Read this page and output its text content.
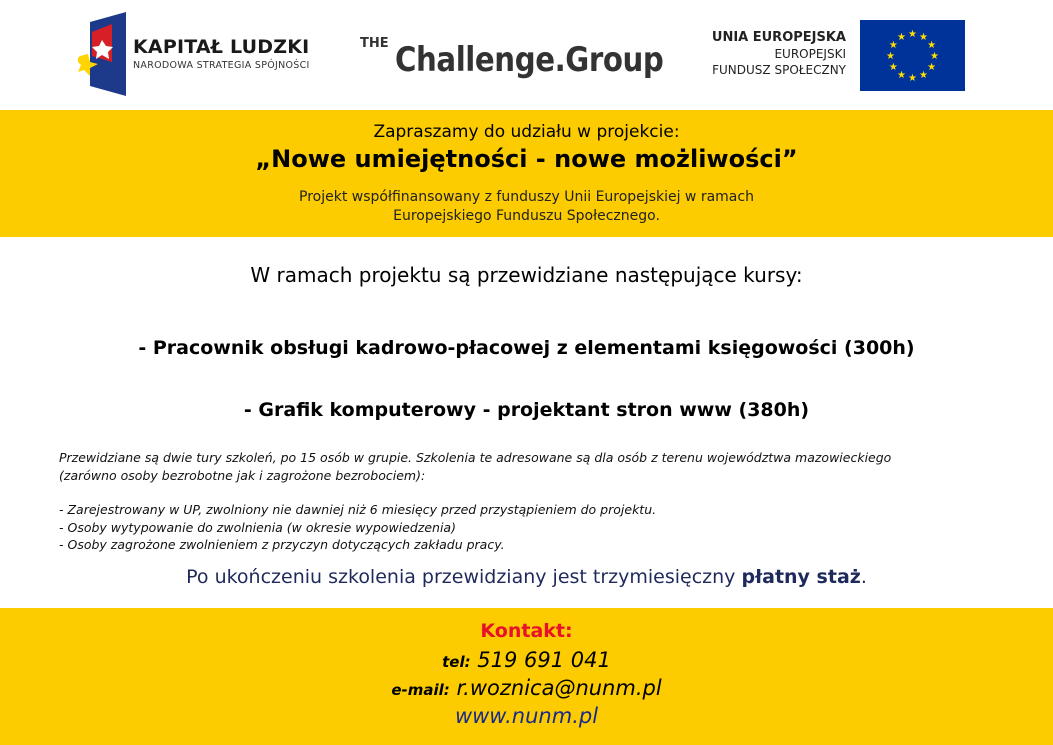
KAPITAŁ LUDZKI
NARODOWA STRATEGIA SPÓJNOŚCI
THE Challenge.Group
UNIA EUROPEJSKA
EUROPEJSKI
FUNDUSZ SPOŁECZNY
★ ★
★
★
★
★
★
★
★
★
★
★
Zapraszamy do udziału w projekcie:
„Nowe umiejętności - nowe możliwości”
Projekt współfinansowany z funduszy Unii Europejskiej w ramach
Europejskiego Funduszu Społecznego.
W ramach projektu są przewidziane następujące kursy:
- Pracownik obsługi kadrowo-płacowej z elementami księgowości (300h)
- Grafik komputerowy - projektant stron www (380h)
Przewidziane są dwie tury szkoleń, po 15 osób w grupie. Szkolenia te adresowane są dla osób z terenu województwa mazowieckiego
(zarówno osoby bezrobotne jak i zagrożone bezrobociem):
- Zarejestrowany w UP, zwolniony nie dawniej niż 6 miesięcy przed przystąpieniem do projektu.
- Osoby wytypowanie do zwolnienia (w okresie wypowiedzenia)
- Osoby zagrożone zwolnieniem z przyczyn dotyczących zakładu pracy.
Po ukończeniu szkolenia przewidziany jest trzymiesięczny płatny staż.
Kontakt:
tel: 519 691 041
e-mail: r.woznica@nunm.pl
www.nunm.pl
